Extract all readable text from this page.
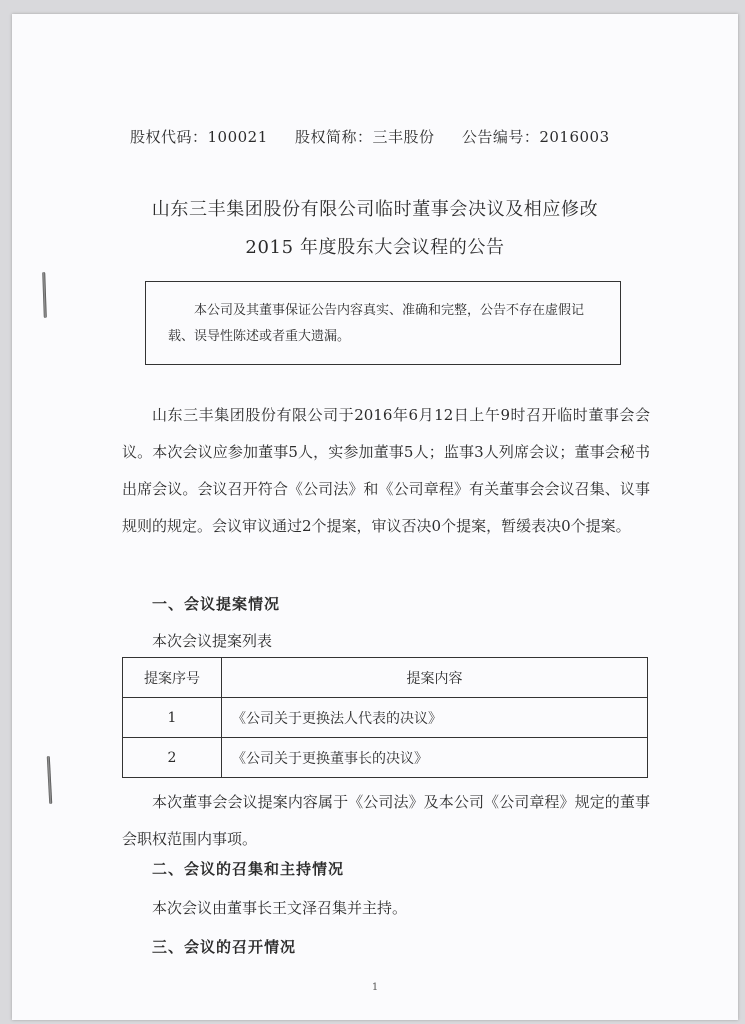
股权代码：100021 股权简称：三丰股份 公告编号：2016003
山东三丰集团股份有限公司临时董事会决议及相应修改
2015 年度股东大会议程的公告
本公司及其董事保证公告内容真实、准确和完整，公告不存在虚假记载、误导性陈述或者重大遗漏。
山东三丰集团股份有限公司于2016年6月12日上午9时召开临时董事会会议。本次会议应参加董事5人，实参加董事5人；监事3人列席会议；董事会秘书出席会议。会议召开符合《公司法》和《公司章程》有关董事会会议召集、议事规则的规定。会议审议通过2个提案，审议否决0个提案，暂缓表决0个提案。
一、会议提案情况
本次会议提案列表
提案序号	提案内容
1	《公司关于更换法人代表的决议》
2	《公司关于更换董事长的决议》
本次董事会会议提案内容属于《公司法》及本公司《公司章程》规定的董事会职权范围内事项。
二、会议的召集和主持情况
本次会议由董事长王文泽召集并主持。
三、会议的召开情况
1
